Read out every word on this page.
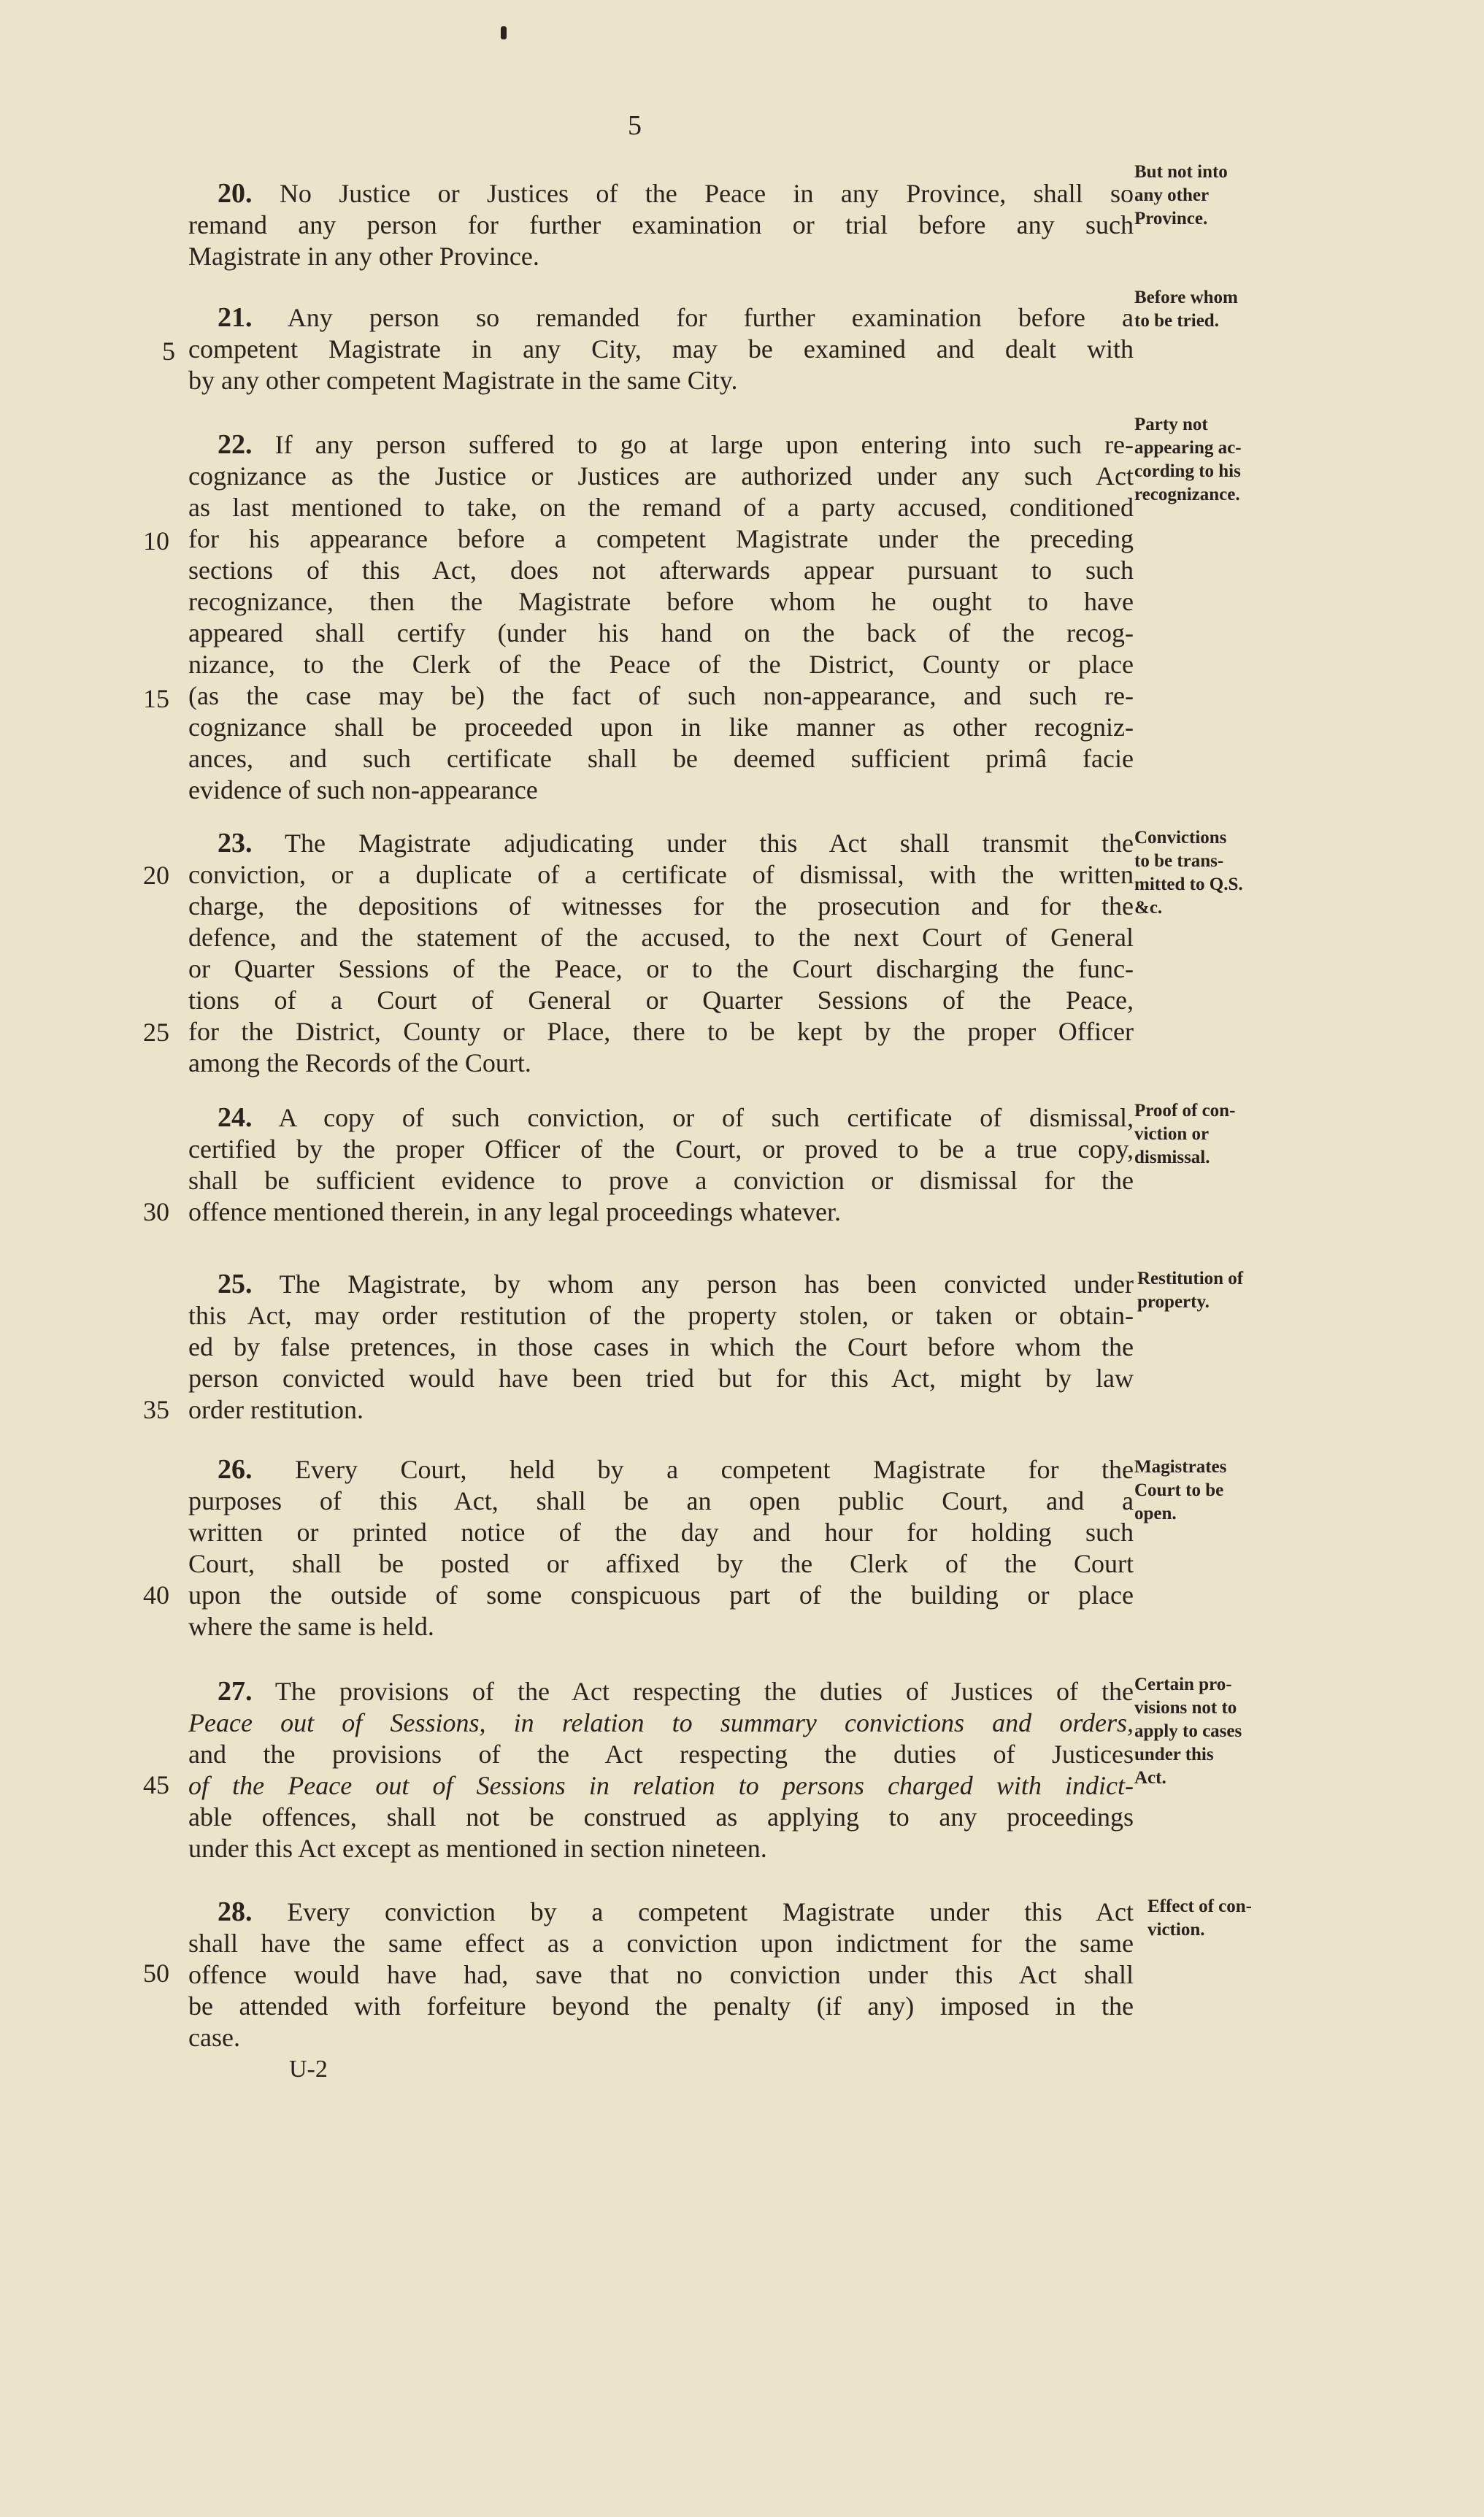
5
20. No Justice or Justices of the Peace in any Province, shall so
remand any person for further examination or trial before any such
Magistrate in any other Province.
But not into
any other
Province.
21. Any person so remanded for further examination before a
competent Magistrate in any City, may be examined and dealt with
by any other competent Magistrate in the same City.
Before whom
to be tried.
22. If any person suffered to go at large upon entering into such re-
cognizance as the Justice or Justices are authorized under any such Act
as last mentioned to take, on the remand of a party accused, conditioned
for his appearance before a competent Magistrate under the preceding
sections of this Act, does not afterwards appear pursuant to such
recognizance, then the Magistrate before whom he ought to have
appeared shall certify (under his hand on the back of the recog-
nizance, to the Clerk of the Peace of the District, County or place
(as the case may be) the fact of such non-appearance, and such re-
cognizance shall be proceeded upon in like manner as other recogniz-
ances, and such certificate shall be deemed sufficient primâ facie
evidence of such non-appearance
Party not
appearing ac-
cording to his
recognizance.
23. The Magistrate adjudicating under this Act shall transmit the
conviction, or a duplicate of a certificate of dismissal, with the written
charge, the depositions of witnesses for the prosecution and for the
defence, and the statement of the accused, to the next Court of General
or Quarter Sessions of the Peace, or to the Court discharging the func-
tions of a Court of General or Quarter Sessions of the Peace,
for the District, County or Place, there to be kept by the proper Officer
among the Records of the Court.
Convictions
to be trans-
mitted to Q.S.
&c.
24. A copy of such conviction, or of such certificate of dismissal,
certified by the proper Officer of the Court, or proved to be a true copy,
shall be sufficient evidence to prove a conviction or dismissal for the
offence mentioned therein, in any legal proceedings whatever.
Proof of con-
viction or
dismissal.
25. The Magistrate, by whom any person has been convicted under
this Act, may order restitution of the property stolen, or taken or obtain-
ed by false pretences, in those cases in which the Court before whom the
person convicted would have been tried but for this Act, might by law
order restitution.
Restitution of
property.
26. Every Court, held by a competent Magistrate for the
purposes of this Act, shall be an open public Court, and a
written or printed notice of the day and hour for holding such
Court, shall be posted or affixed by the Clerk of the Court
upon the outside of some conspicuous part of the building or place
where the same is held.
Magistrates
Court to be
open.
27. The provisions of the Act respecting the duties of Justices of the
Peace out of Sessions, in relation to summary convictions and orders,
and the provisions of the Act respecting the duties of Justices
of the Peace out of Sessions in relation to persons charged with indict-
able offences, shall not be construed as applying to any proceedings
under this Act except as mentioned in section nineteen.
Certain pro-
visions not to
apply to cases
under this
Act.
28. Every conviction by a competent Magistrate under this Act
shall have the same effect as a conviction upon indictment for the same
offence would have had, save that no conviction under this Act shall
be attended with forfeiture beyond the penalty (if any) imposed in the
case.
Effect of con-
viction.
5
10
15
20
25
30
35
40
45
50
U-2
